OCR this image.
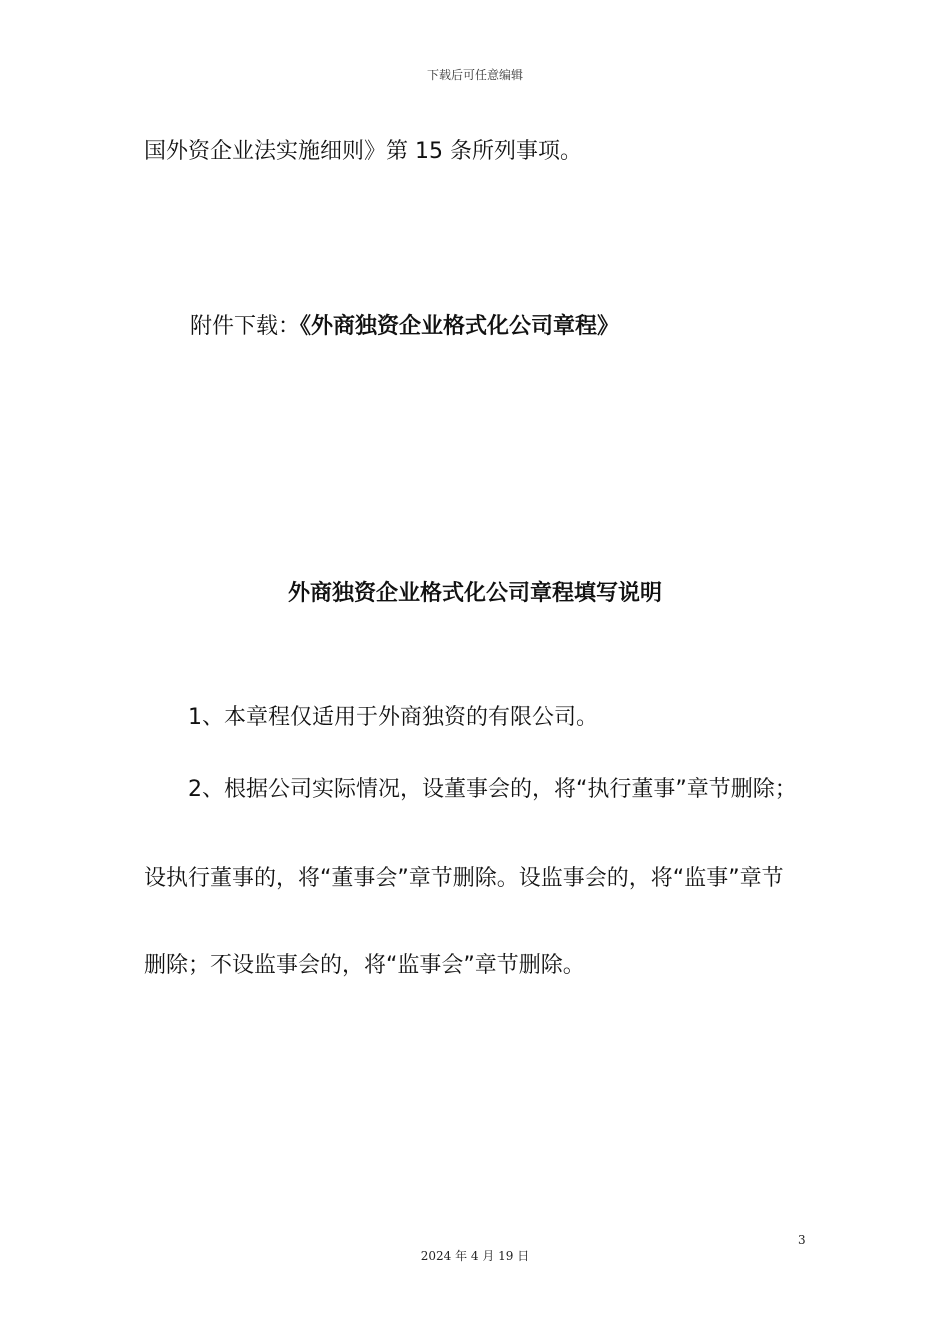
下载后可任意编辑
国外资企业法实施细则》第 15 条所列事项。
附件下载：《外商独资企业格式化公司章程》
外商独资企业格式化公司章程填写说明
1、本章程仅适用于外商独资的有限公司。
2、根据公司实际情况，设董事会的，将“执行董事”章节删除；
设执行董事的，将“董事会”章节删除。设监事会的，将“监事”章节
删除；不设监事会的，将“监事会”章节删除。
3
2024 年 4 月 19 日
